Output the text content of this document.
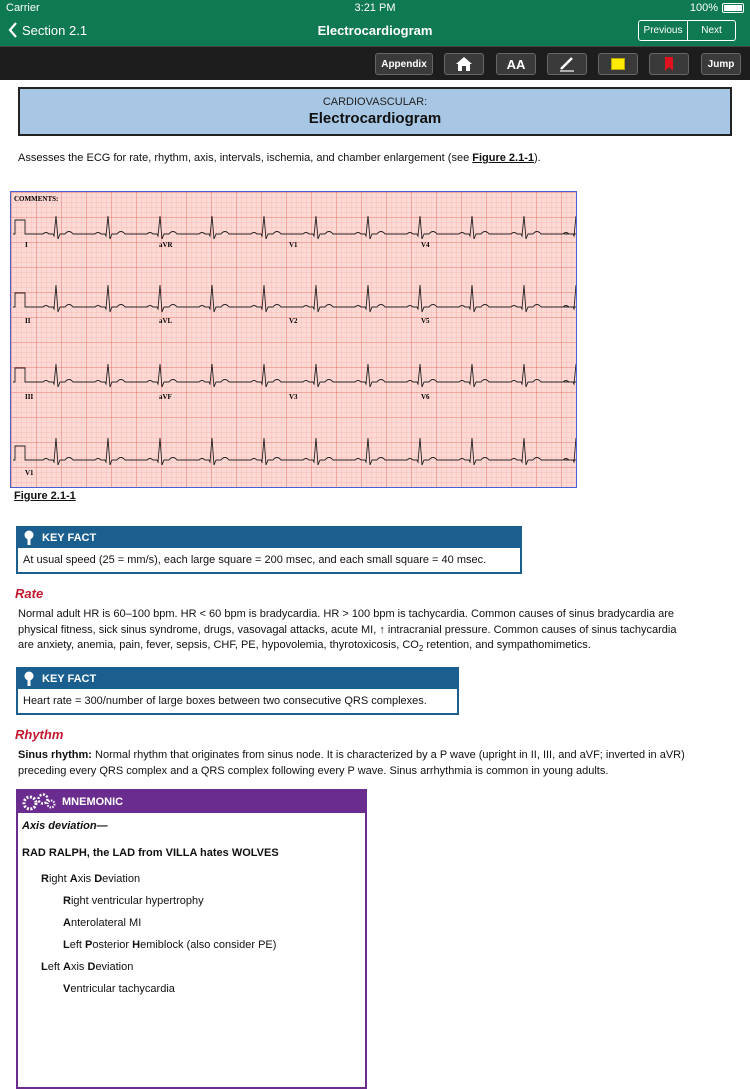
Carrier	3:21 PM	100%
Section 2.1	Electrocardiogram	Previous	Next
Appendix	AA	Jump
CARDIOVASCULAR:
Electrocardiogram
Assesses the ECG for rate, rhythm, axis, intervals, ischemia, and chamber enlargement (see Figure 2.1-1).
COMMENTS:
I	aVR	V1	V4
II	aVL	V2	V5
III	aVF	V3	V6
V1
Figure 2.1-1
KEY FACT
At usual speed (25 = mm/s), each large square = 200 msec, and each small square = 40 msec.
Rate
Normal adult HR is 60–100 bpm. HR < 60 bpm is bradycardia. HR > 100 bpm is tachycardia. Common causes of sinus bradycardia are
physical fitness, sick sinus syndrome, drugs, vasovagal attacks, acute MI, ↑ intracranial pressure. Common causes of sinus tachycardia
are anxiety, anemia, pain, fever, sepsis, CHF, PE, hypovolemia, thyrotoxicosis, $CO_2$ retention, and sympathomimetics.
KEY FACT
Heart rate = 300/number of large boxes between two consecutive QRS complexes.
Rhythm
Sinus rhythm: Normal rhythm that originates from sinus node. It is characterized by a P wave (upright in II, III, and aVF; inverted in aVR)
preceding every QRS complex and a QRS complex following every P wave. Sinus arrhythmia is common in young adults.
MNEMONIC
Axis deviation—
RAD RALPH, the LAD from VILLA hates WOLVES
Right Axis Deviation
Right ventricular hypertrophy
Anterolateral MI
Left Posterior Hemiblock (also consider PE)
Left Axis Deviation
Ventricular tachycardia
